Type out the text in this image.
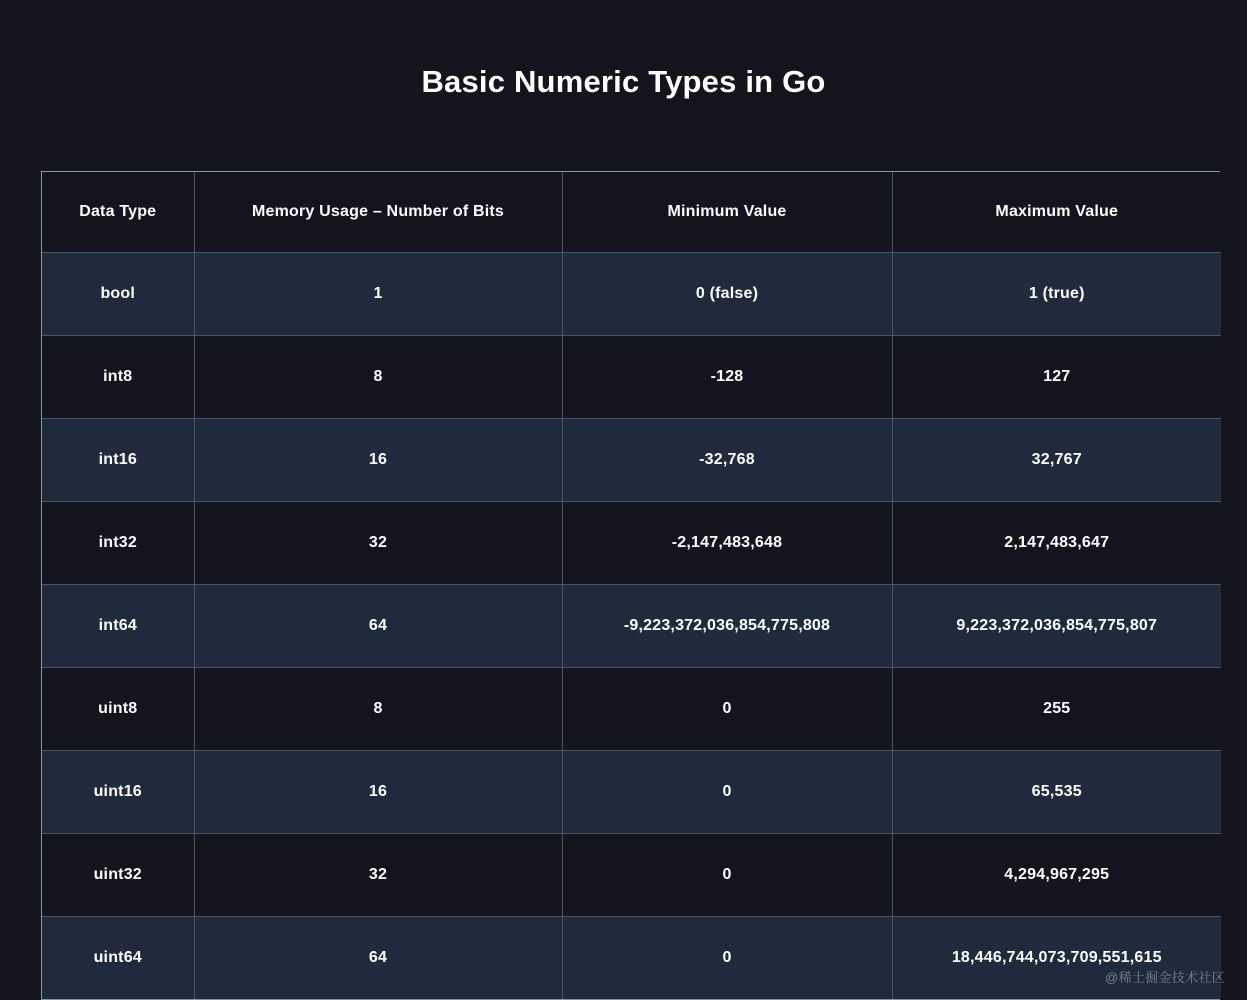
Basic Numeric Types in Go
Data Type	Memory Usage – Number of Bits	Minimum Value	Maximum Value
bool	1	0 (false)	1 (true)
int8	8	-128	127
int16	16	-32,768	32,767
int32	32	-2,147,483,648	2,147,483,647
int64	64	-9,223,372,036,854,775,808	9,223,372,036,854,775,807
uint8	8	0	255
uint16	16	0	65,535
uint32	32	0	4,294,967,295
uint64	64	0	18,446,744,073,709,551,615
@稀土掘金技术社区
